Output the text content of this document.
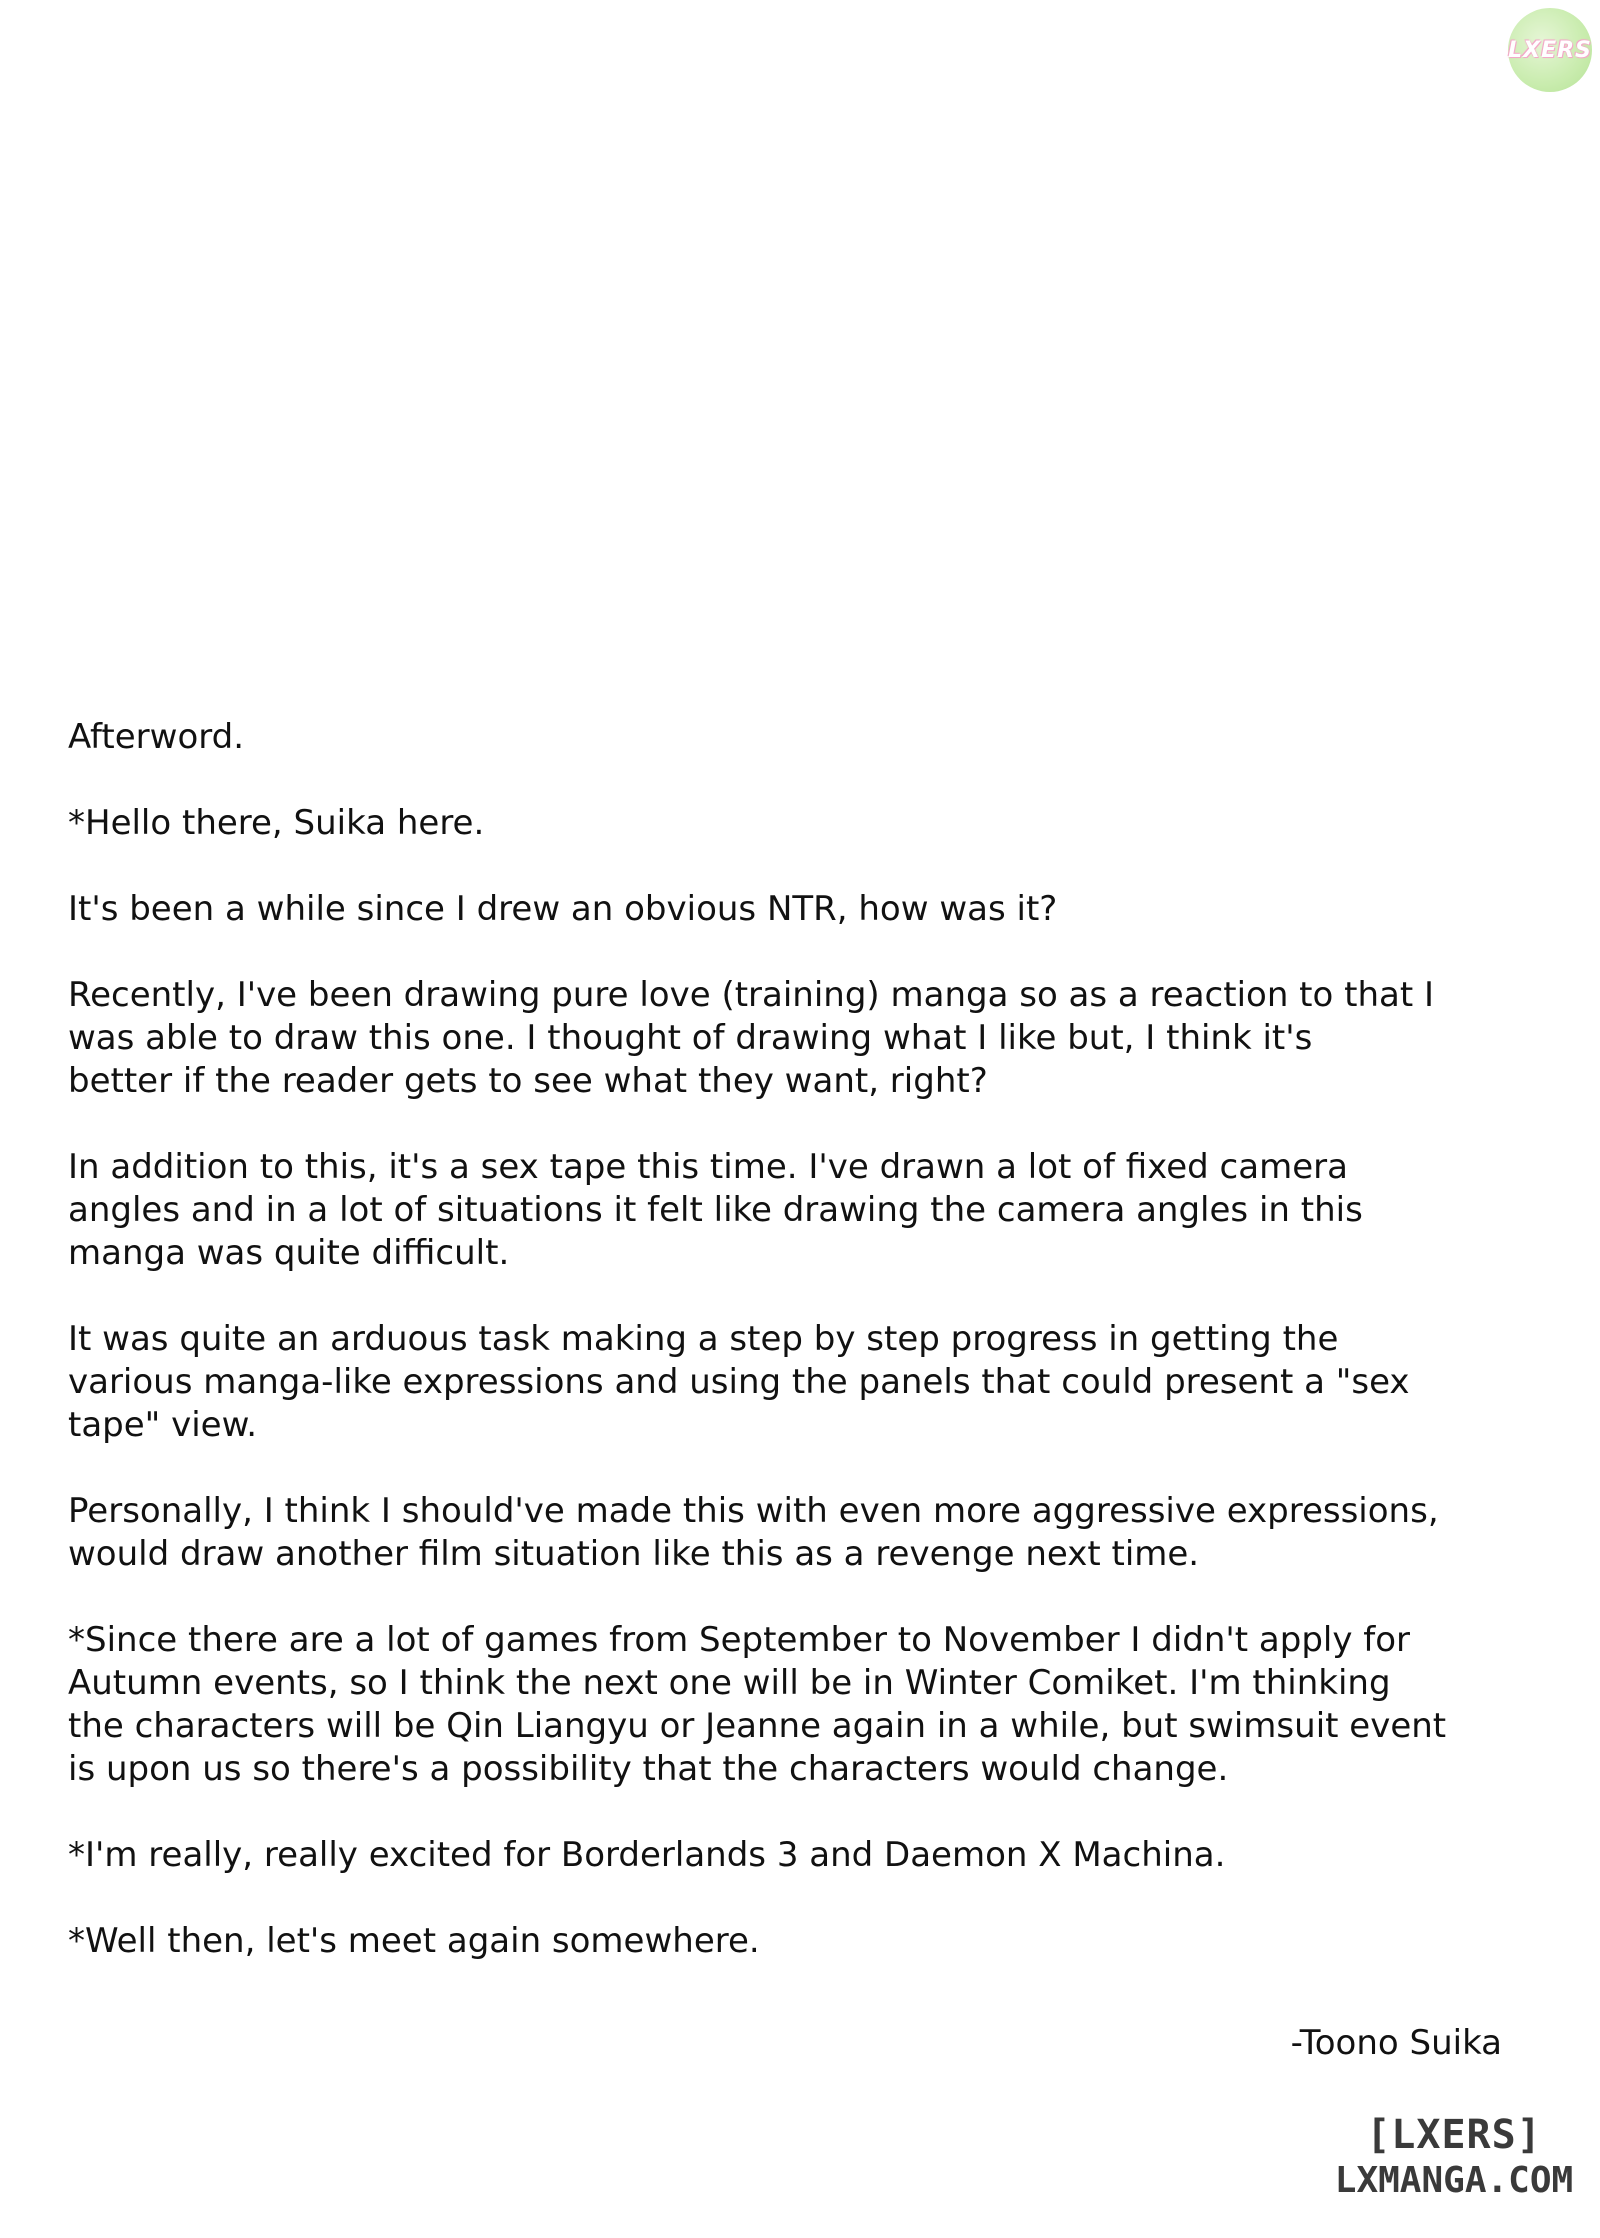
LXERS

Afterword.

*Hello there, Suika here.

It's been a while since I drew an obvious NTR, how was it?

Recently, I've been drawing pure love (training) manga so as a reaction to that I
was able to draw this one. I thought of drawing what I like but, I think it's
better if the reader gets to see what they want, right?

In addition to this, it's a sex tape this time. I've drawn a lot of fixed camera
angles and in a lot of situations it felt like drawing the camera angles in this
manga was quite difficult.

It was quite an arduous task making a step by step progress in getting the
various manga-like expressions and using the panels that could present a "sex
tape" view.

Personally, I think I should've made this with even more aggressive expressions,
would draw another film situation like this as a revenge next time.

*Since there are a lot of games from September to November I didn't apply for
Autumn events, so I think the next one will be in Winter Comiket. I'm thinking
the characters will be Qin Liangyu or Jeanne again in a while, but swimsuit event
is upon us so there's a possibility that the characters would change.

*I'm really, really excited for Borderlands 3 and Daemon X Machina.

*Well then, let's meet again somewhere.

-Toono Suika
[LXERS]
LXMANGA.COM
